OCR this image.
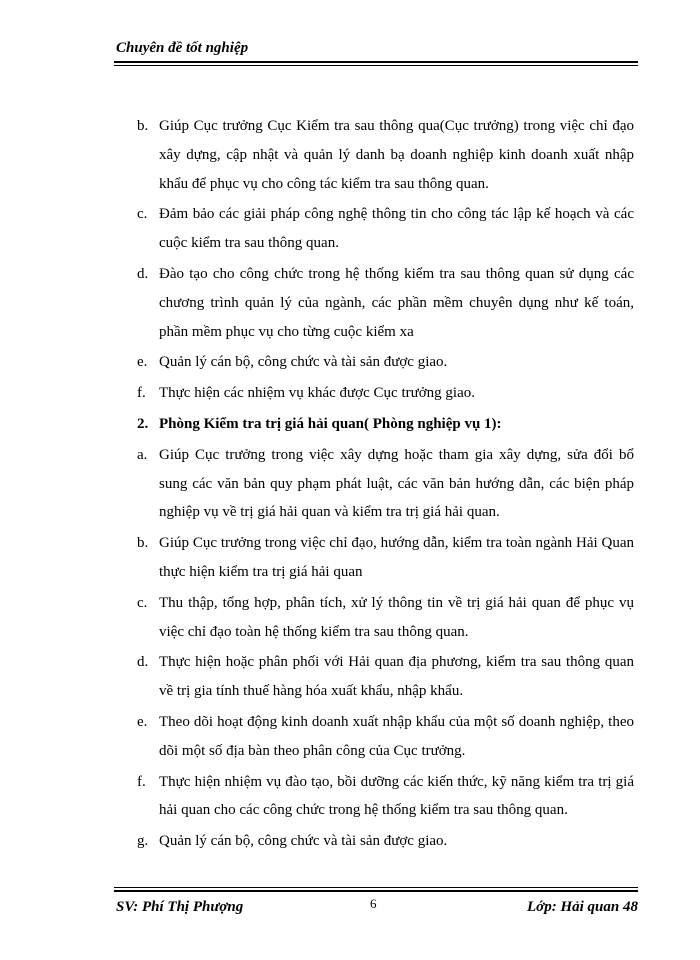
Chuyên đề tốt nghiệp
b. Giúp Cục trưởng Cục Kiểm tra sau thông qua(Cục trưởng) trong việc chỉ đạo xây dựng, cập nhật và quản lý danh bạ doanh nghiệp kinh doanh xuất nhập khẩu để phục vụ cho công tác kiểm tra sau thông quan.
c. Đảm bảo các giải pháp công nghệ thông tin cho công tác lập kế hoạch và các cuộc kiểm tra sau thông quan.
d. Đào tạo cho công chức trong hệ thống kiểm tra sau thông quan sử dụng các chương trình quản lý của ngành, các phần mềm chuyên dụng như kế toán, phần mềm phục vụ cho từng cuộc kiểm xa
e. Quản lý cán bộ, công chức và tài sản được giao.
f. Thực hiện các nhiệm vụ khác được Cục trưởng giao.
2. Phòng Kiểm tra trị giá hải quan( Phòng nghiệp vụ 1):
a. Giúp Cục trưởng trong việc xây dựng hoặc tham gia xây dựng, sửa đổi bổ sung các văn bản quy phạm phát luật, các văn bản hướng dẫn, các biện pháp nghiệp vụ về trị giá hải quan và kiểm tra trị giá hải quan.
b. Giúp Cục trưởng trong việc chỉ đạo, hướng dẫn, kiểm tra toàn ngành Hải Quan thực hiện kiểm tra trị giá hải quan
c. Thu thập, tổng hợp, phân tích, xử lý thông tin về trị giá hải quan để phục vụ việc chỉ đạo toàn hệ thống kiểm tra sau thông quan.
d. Thực hiện hoặc phân phối với Hải quan địa phương, kiểm tra sau thông quan về trị gia tính thuế hàng hóa xuất khẩu, nhập khẩu.
e. Theo dõi hoạt động kinh doanh xuất nhập khẩu của một số doanh nghiệp, theo dõi một số địa bàn theo phân công của Cục trưởng.
f. Thực hiện nhiệm vụ đào tạo, bồi dưỡng các kiến thức, kỹ năng kiểm tra trị giá hải quan cho các công chức trong hệ thống kiểm tra sau thông quan.
g. Quản lý cán bộ, công chức và tài sản được giao.
SV: Phí Thị Phượng	6	Lớp: Hải quan 48
